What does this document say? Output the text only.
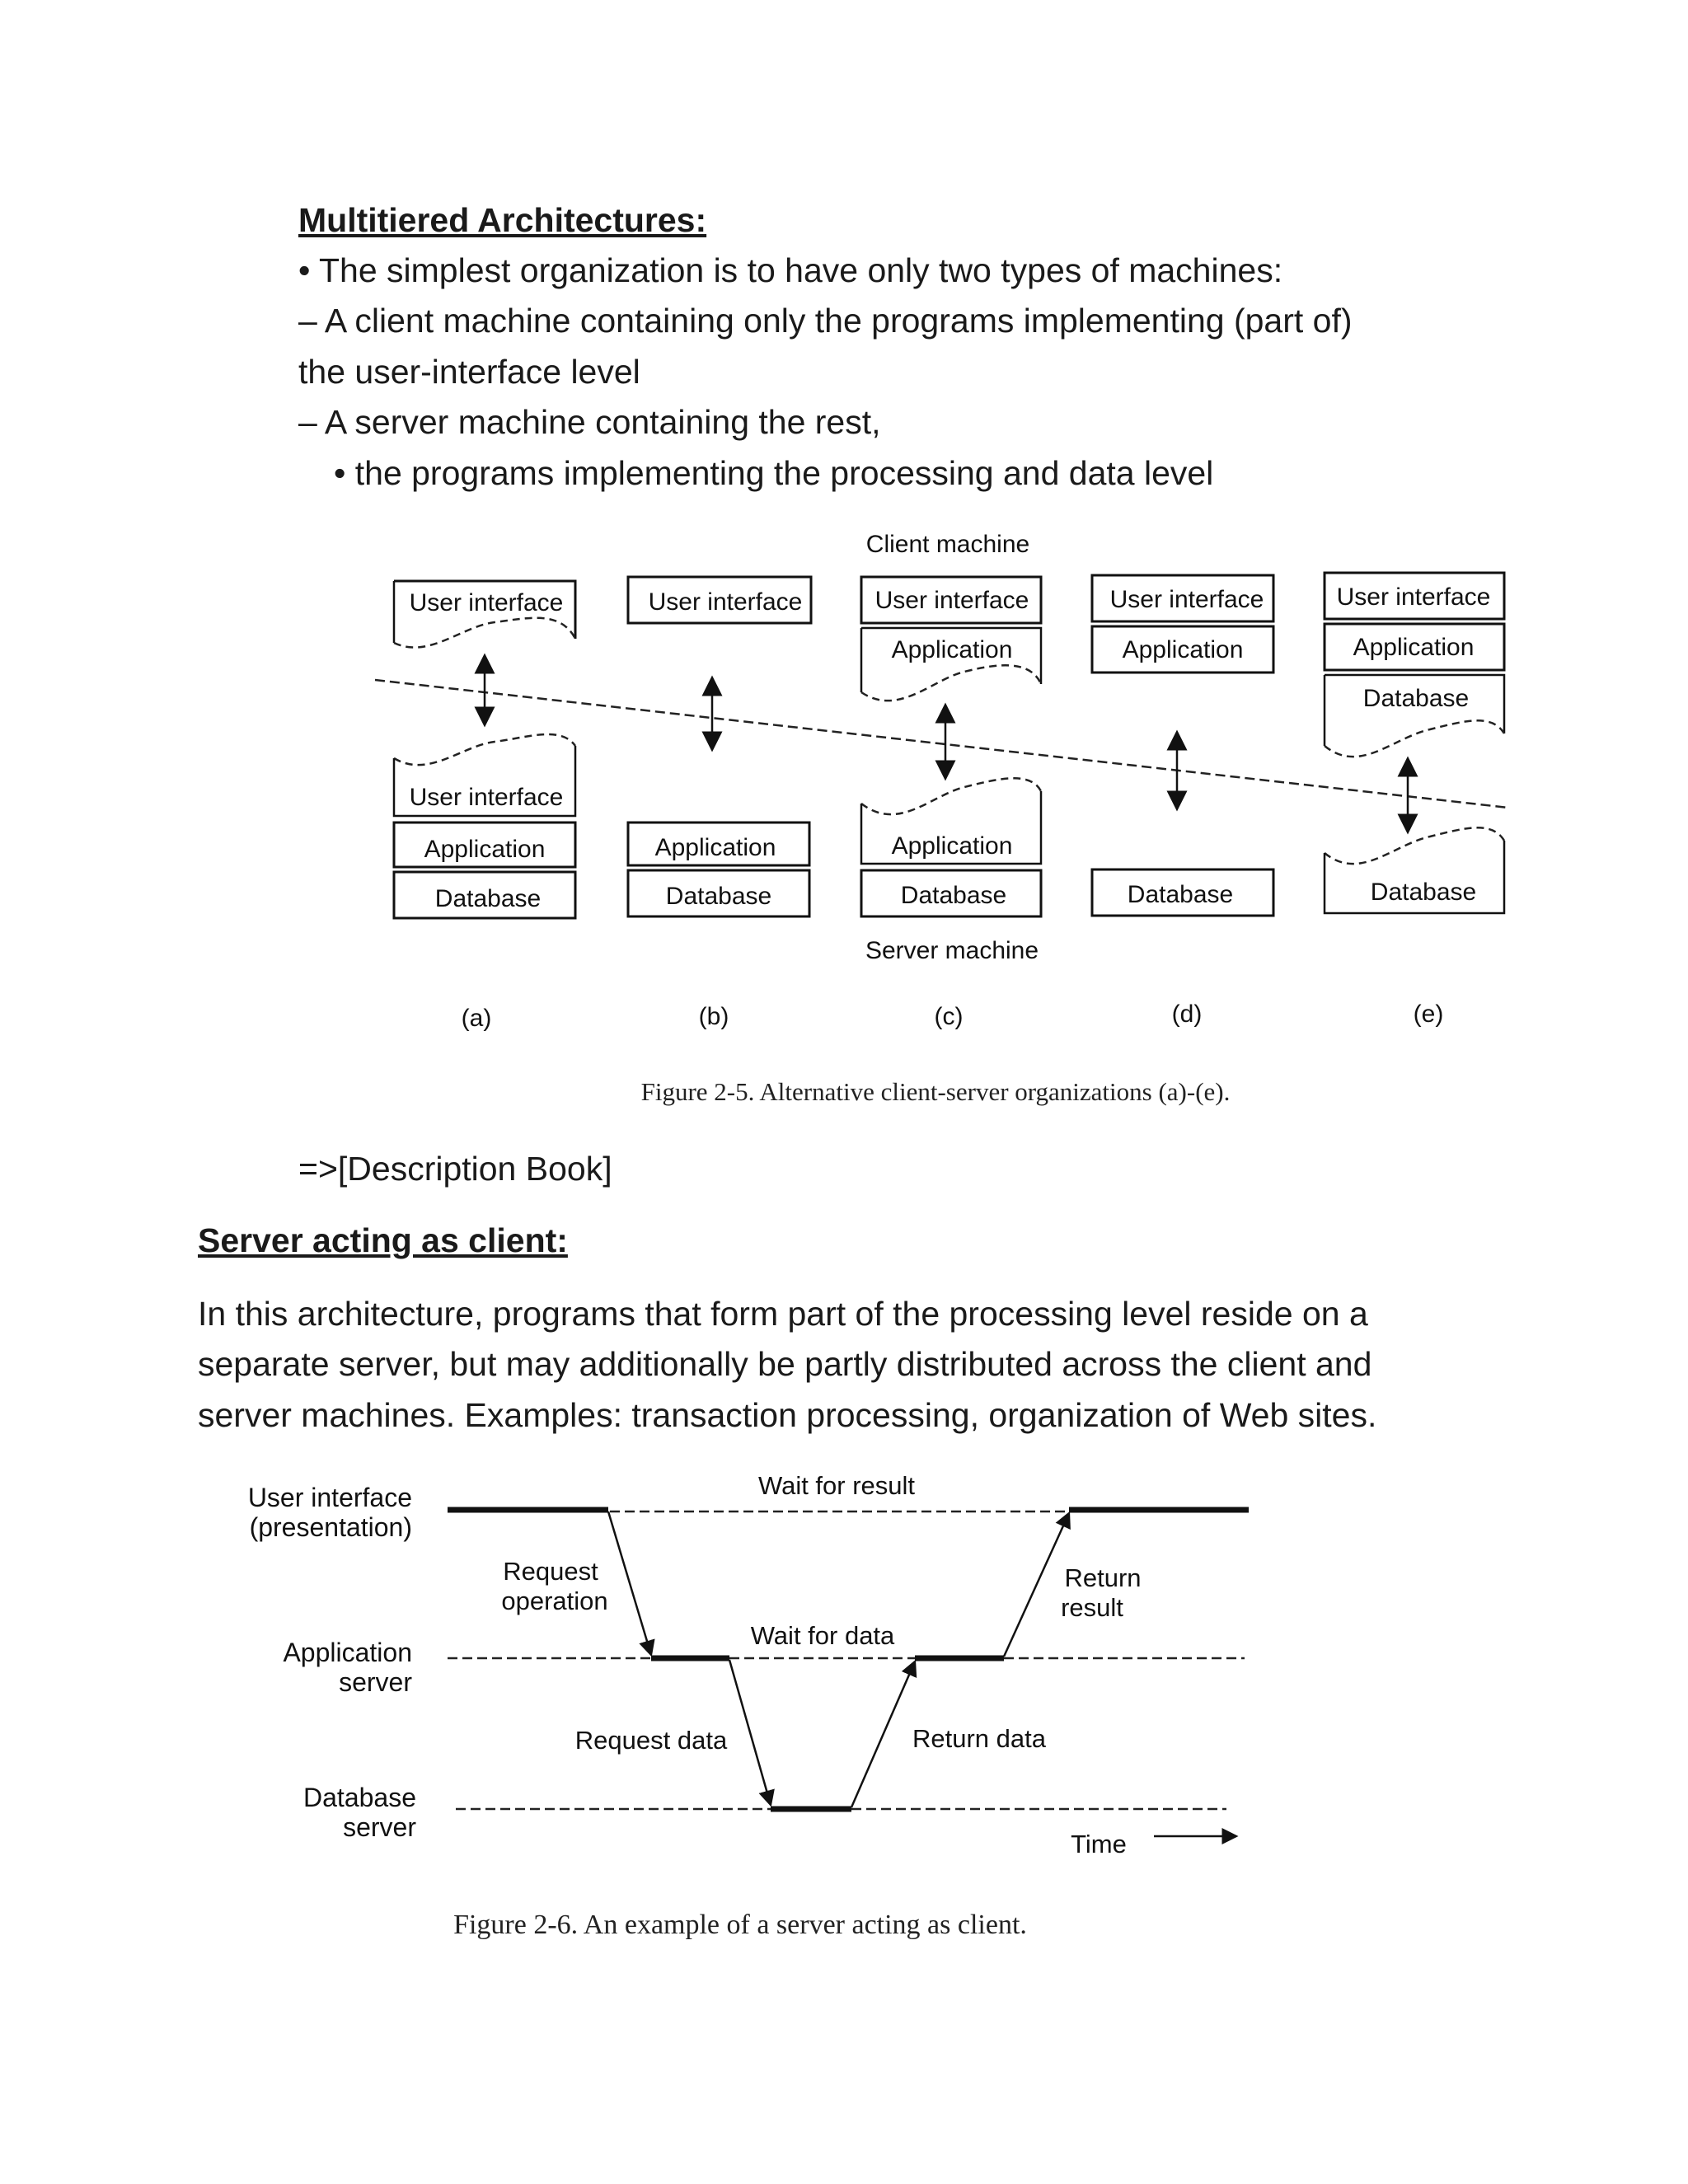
Multitiered Architectures:
• The simplest organization is to have only two types of machines:
– A client machine containing only the programs implementing (part of)
the user-interface level
– A server machine containing the rest,
• the programs implementing the processing and data level
Client machine
User interface
User interface
Application
Database
(a)
User interface
Application
Database
(b)
User interface
Application
Application
Database
Server machine
(c)
User interface
Application
Database
(d)
User interface
Application
Database
Database
(e)
Figure 2-5. Alternative client-server organizations (a)-(e).
=>[Description Book]
Server acting as client:
In this architecture, programs that form part of the processing level reside on a
separate server, but may additionally be partly distributed across the client and
server machines. Examples: transaction processing, organization of Web sites.
User interface
(presentation)
Application
server
Database
server
Wait for result
Request
operation
Wait for data
Request data	Return data
Return
result
Time
Figure 2-6. An example of a server acting as client.
